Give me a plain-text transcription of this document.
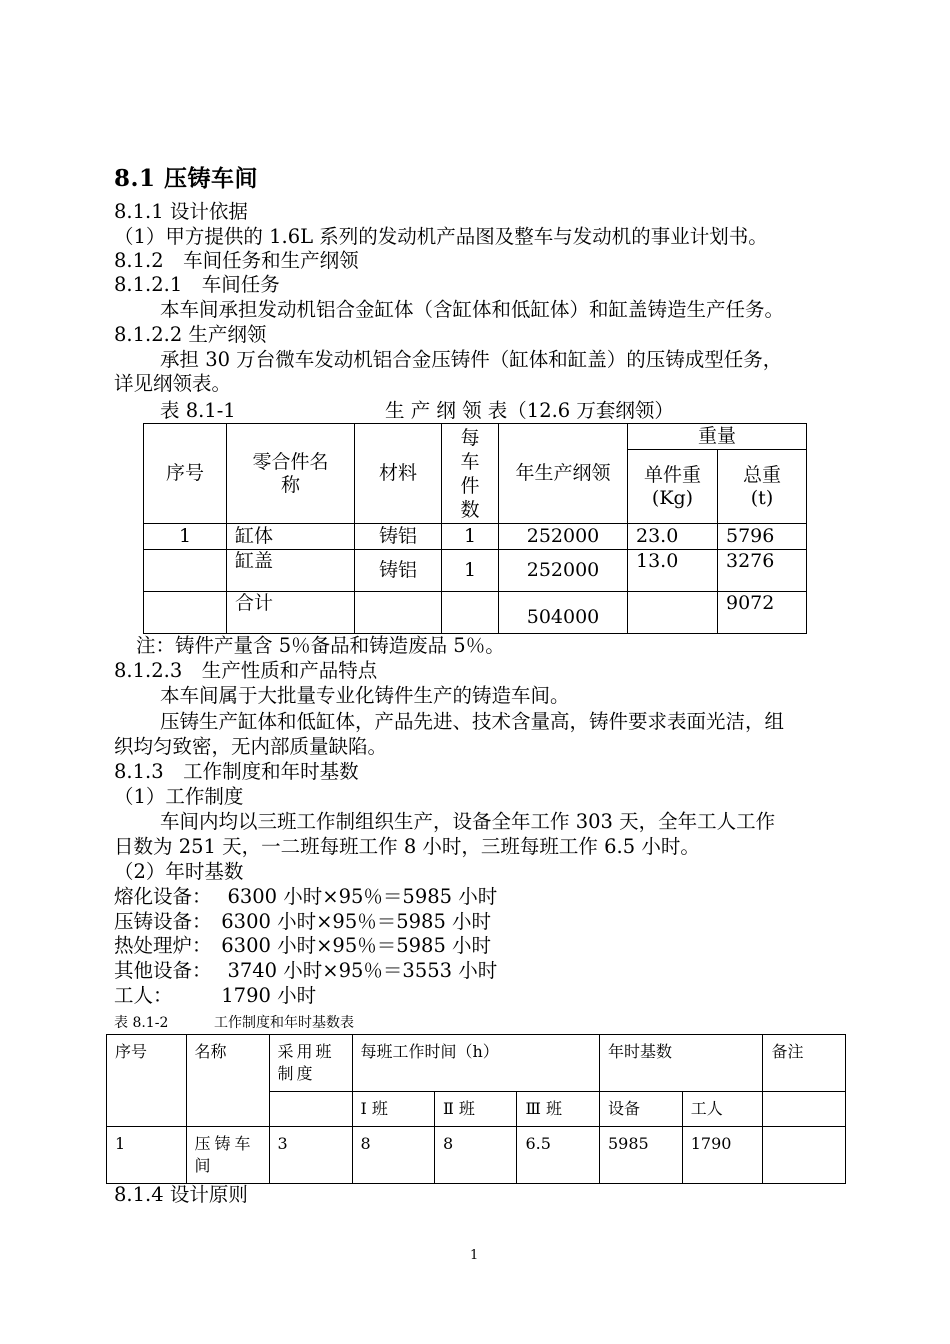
8.1 压铸车间
8.1.1 设计依据
（1）甲方提供的 1.6L 系列的发动机产品图及整车与发动机的事业计划书。
8.1.2　车间任务和生产纲领
8.1.2.1　车间任务
本车间承担发动机铝合金缸体（含缸体和低缸体）和缸盖铸造生产任务。
8.1.2.2 生产纲领
承担 30 万台微车发动机铝合金压铸件（缸体和缸盖）的压铸成型任务，
详见纲领表。
表 8.1-1	生 产 纲 领 表（12.6 万套纲领）
序号	零合件名称	材料	每车件数	年生产纲领	重量	

					单件重(Kg)	总重(t)

1	缸体	铸铝	1	252000	23.0	5796
	缸盖	铸铝	1	252000	13.0	3276
	合计			504000		9072
注：铸件产量含 5％备品和铸造废品 5％。
8.1.2.3　生产性质和产品特点
本车间属于大批量专业化铸件生产的铸造车间。
压铸生产缸体和低缸体，产品先进、技术含量高，铸件要求表面光洁，组
织均匀致密，无内部质量缺陷。
8.1.3　工作制度和年时基数
（1）工作制度
车间内均以三班工作制组织生产，设备全年工作 303 天，全年工人工作
日数为 251 天，一二班每班工作 8 小时，三班每班工作 6.5 小时。
（2）年时基数
熔化设备：　 6300 小时×95％＝5985 小时
压铸设备：　6300 小时×95％＝5985 小时
热处理炉：　6300 小时×95％＝5985 小时
其他设备：　 3740 小时×95％＝3553 小时
工人：　　　1790 小时
表 8.1-2	工作制度和年时基数表
序号	名称	采用班制度	每班工作时间（h）			年时基数		备注
			Ⅰ 班	Ⅱ 班	Ⅲ 班	设备	工人	
1	压铸车间	3	8	8	6.5	5985	1790	
8.1.4 设计原则
1
